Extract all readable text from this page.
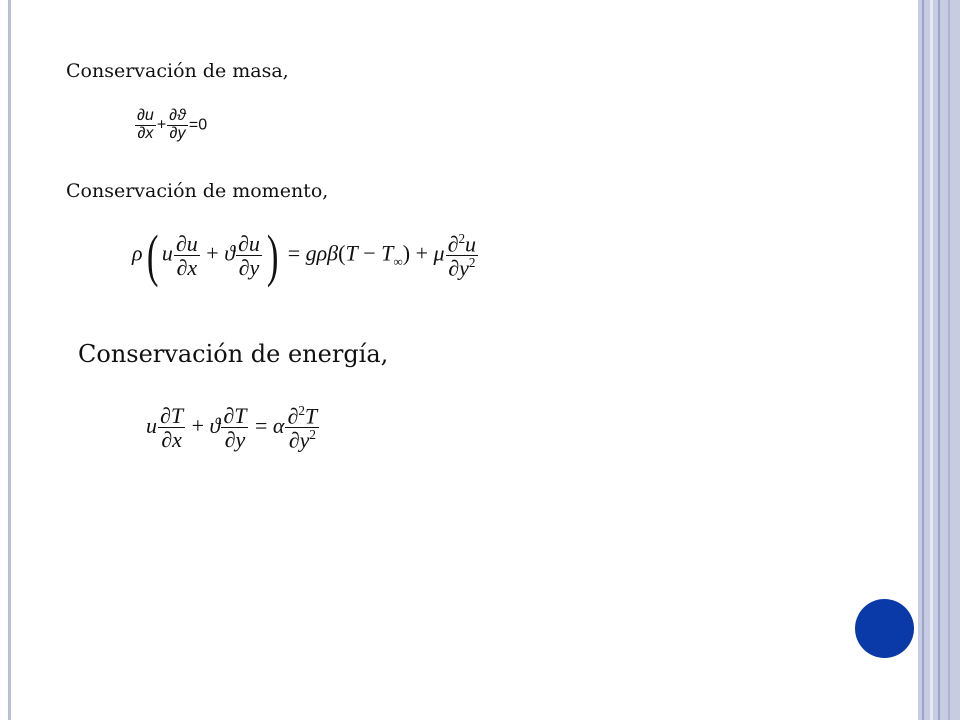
Conservación de masa,
$\frac{\partial u}{\partial x} + \frac{\partial ϑ}{\partial y} =0$
Conservación de momento,
ρ( u $\frac{\partial u}{\partial x} + ϑ \frac{\partial u}{\partial y}$ ) = $g\rho\beta(T - T_\infty) + \mu \frac{\partial^2u}{\partial y^2}$
Conservación de energía,
u $\frac{\partial T}{\partial x} + ϑ \frac{\partial T}{\partial y} = \alpha \frac{\partial^2T}{\partial y^2}$
